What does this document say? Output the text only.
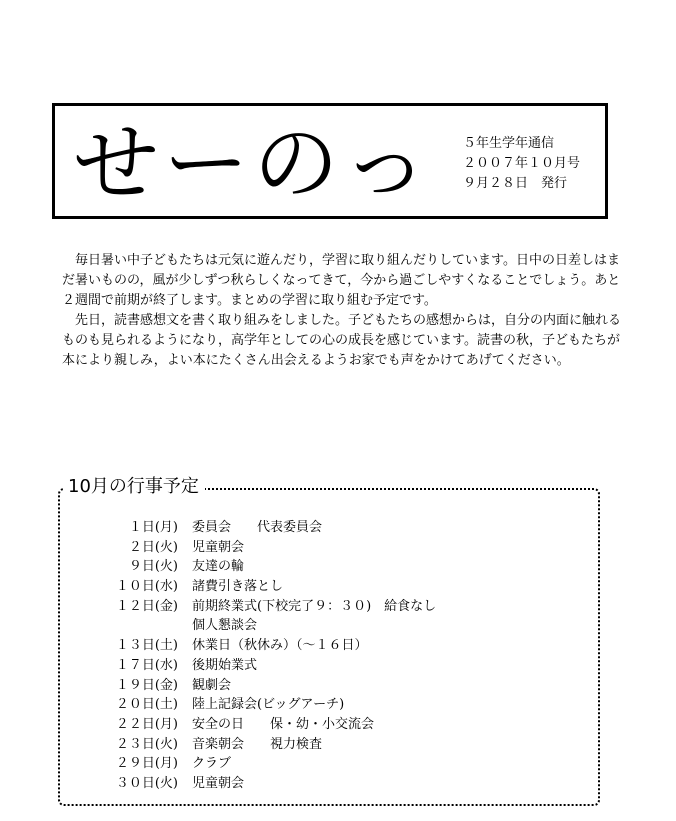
せーのっ ５年生学年通信
２００７年１０月号
９月２８日　発行

毎日暑い中子どもたちは元気に遊んだり，学習に取り組んだりしています。日中の日差しはまだ暑いものの，風が少しずつ秋らしくなってきて，今から過ごしやすくなることでしょう。あと２週間で前期が終了します。まとめの学習に取り組む予定です。

先日，読書感想文を書く取り組みをしました。子どもたちの感想からは，自分の内面に触れるものも見られるようになり，高学年としての心の成長を感じています。読書の秋，子どもたちが本により親しみ，よい本にたくさん出会えるようお家でも声をかけてあげてください。

10月の行事予定
１日(月) 委員会　　代表委員会
２日(火) 児童朝会
９日(火) 友達の輪
１０日(水) 諸費引き落とし
１２日(金) 前期終業式(下校完了９：３０)　給食なし
個人懇談会
１３日(土) 休業日（秋休み）（～１６日）
１７日(水) 後期始業式
１９日(金) 観劇会
２０日(土) 陸上記録会(ビッグアーチ)
２２日(月) 安全の日　　保・幼・小交流会
２３日(火) 音楽朝会　　視力検査
２９日(月) クラブ
３０日(火) 児童朝会
